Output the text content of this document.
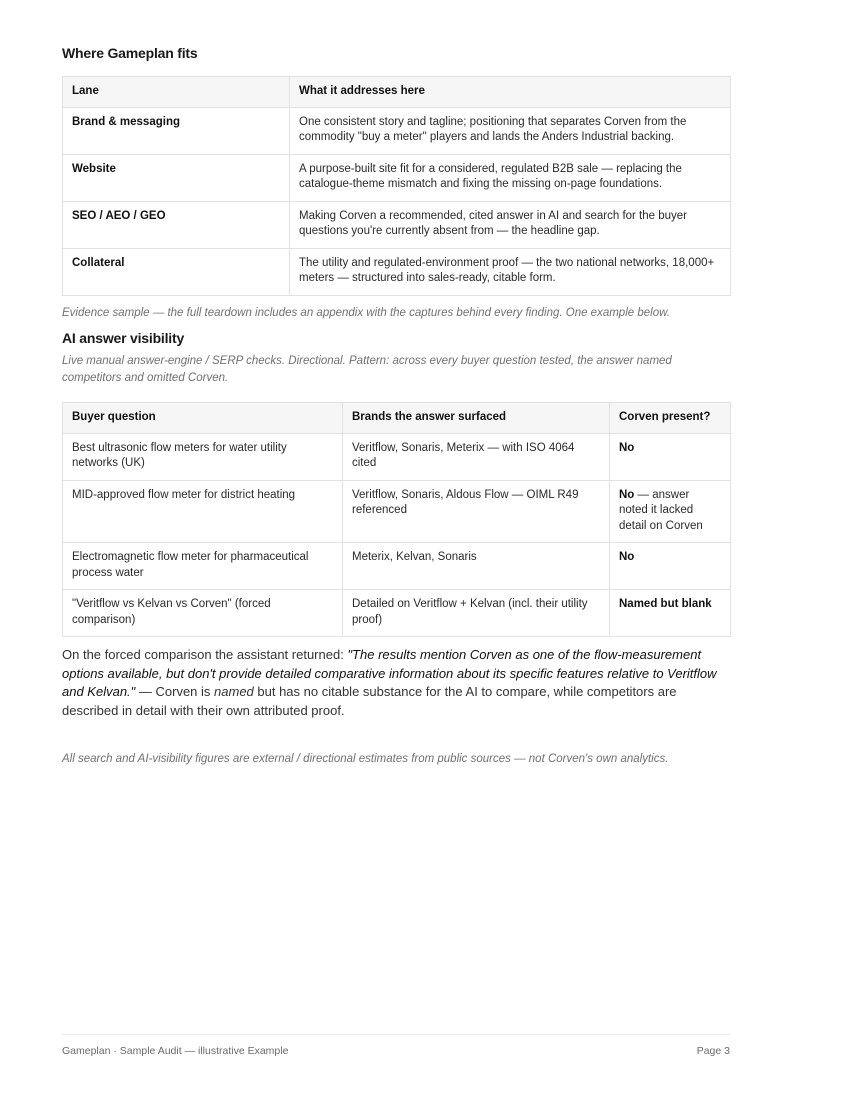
Where Gameplan fits
Lane	What it addresses here
Brand & messaging	One consistent story and tagline; positioning that separates Corven from the commodity "buy a meter" players and lands the Anders Industrial backing.
Website	A purpose-built site fit for a considered, regulated B2B sale — replacing the catalogue-theme mismatch and fixing the missing on-page foundations.
SEO / AEO / GEO	Making Corven a recommended, cited answer in AI and search for the buyer questions you're currently absent from — the headline gap.
Collateral	The utility and regulated-environment proof — the two national networks, 18,000+ meters — structured into sales-ready, citable form.

Evidence sample — the full teardown includes an appendix with the captures behind every finding. One example below.

AI answer visibility

Live manual answer-engine / SERP checks. Directional. Pattern: across every buyer question tested, the answer named competitors and omitted Corven.

Buyer question	Brands the answer surfaced	Corven present?
Best ultrasonic flow meters for water utility networks (UK)	Veritflow, Sonaris, Meterix — with ISO 4064 cited	No
MID-approved flow meter for district heating	Veritflow, Sonaris, Aldous Flow — OIML R49 referenced	No — answer noted it lacked detail on Corven
Electromagnetic flow meter for pharmaceutical process water	Meterix, Kelvan, Sonaris	No
"Veritflow vs Kelvan vs Corven" (forced comparison)	Detailed on Veritflow + Kelvan (incl. their utility proof)	Named but blank

On the forced comparison the assistant returned: "The results mention Corven as one of the flow-measurement options available, but don't provide detailed comparative information about its specific features relative to Veritflow and Kelvan." — Corven is named but has no citable substance for the AI to compare, while competitors are described in detail with their own attributed proof.

All search and AI-visibility figures are external / directional estimates from public sources — not Corven's own analytics.

Gameplan · Sample Audit — illustrative Example	Page 3
